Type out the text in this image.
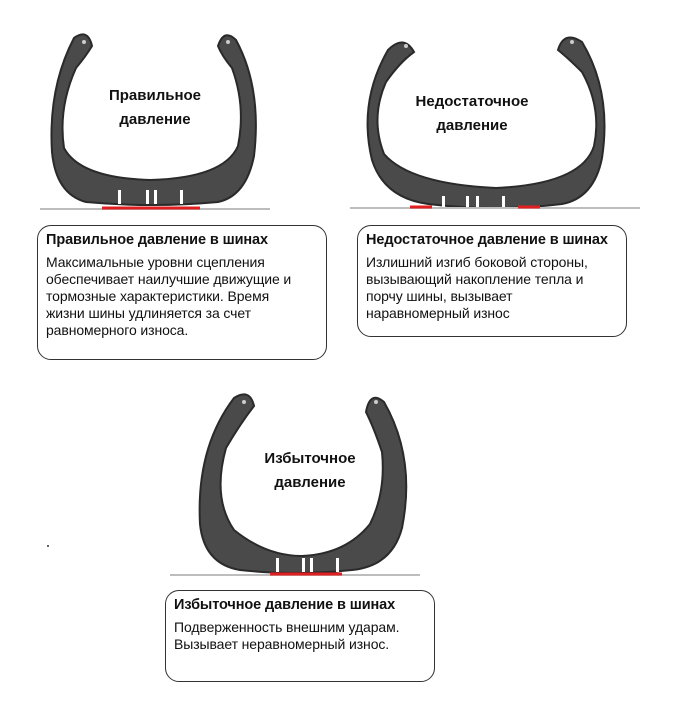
Правильное
давление
Недостаточное
давление
Правильное давление в шинах
Максимальные уровни сцепления
обеспечивает наилучшие движущие и
тормозные характеристики. Время
жизни шины удлиняется за счет
равномерного износа.
Недостаточное давление в шинах
Излишний изгиб боковой стороны,
вызывающий накопление тепла и
порчу шины, вызывает
наравномерный износ
Избыточное
давление
Избыточное давление в шинах
Подверженность внешним ударам.
Вызывает неравномерный износ.
